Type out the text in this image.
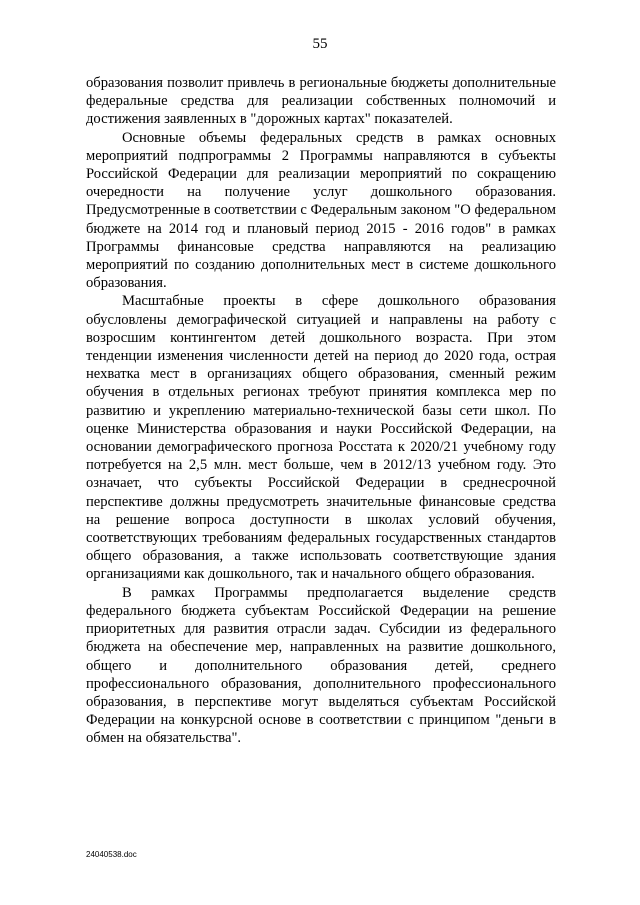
55

образования позволит привлечь в региональные бюджеты дополнительные федеральные средства для реализации собственных полномочий и достижения заявленных в "дорожных картах" показателей.

Основные объемы федеральных средств в рамках основных мероприятий подпрограммы 2 Программы направляются в субъекты Российской Федерации для реализации мероприятий по сокращению очередности на получение услуг дошкольного образования. Предусмотренные в соответствии с Федеральным законом "О федеральном бюджете на 2014 год и плановый период 2015 - 2016 годов" в рамках Программы финансовые средства направляются на реализацию мероприятий по созданию дополнительных мест в системе дошкольного образования.

Масштабные проекты в сфере дошкольного образования обусловлены демографической ситуацией и направлены на работу с возросшим контингентом детей дошкольного возраста. При этом тенденции изменения численности детей на период до 2020 года, острая нехватка мест в организациях общего образования, сменный режим обучения в отдельных регионах требуют принятия комплекса мер по развитию и укреплению материально-технической базы сети школ. По оценке Министерства образования и науки Российской Федерации, на основании демографического прогноза Росстата к 2020/21 учебному году потребуется на 2,5 млн. мест больше, чем в 2012/13 учебном году. Это означает, что субъекты Российской Федерации в среднесрочной перспективе должны предусмотреть значительные финансовые средства на решение вопроса доступности в школах условий обучения, соответствующих требованиям федеральных государственных стандартов общего образования, а также использовать соответствующие здания организациями как дошкольного, так и начального общего образования.

В рамках Программы предполагается выделение средств федерального бюджета субъектам Российской Федерации на решение приоритетных для развития отрасли задач. Субсидии из федерального бюджета на обеспечение мер, направленных на развитие дошкольного, общего и дополнительного образования детей, среднего профессионального образования, дополнительного профессионального образования, в перспективе могут выделяться субъектам Российской Федерации на конкурсной основе в соответствии с принципом "деньги в обмен на обязательства".

24040538.doc
